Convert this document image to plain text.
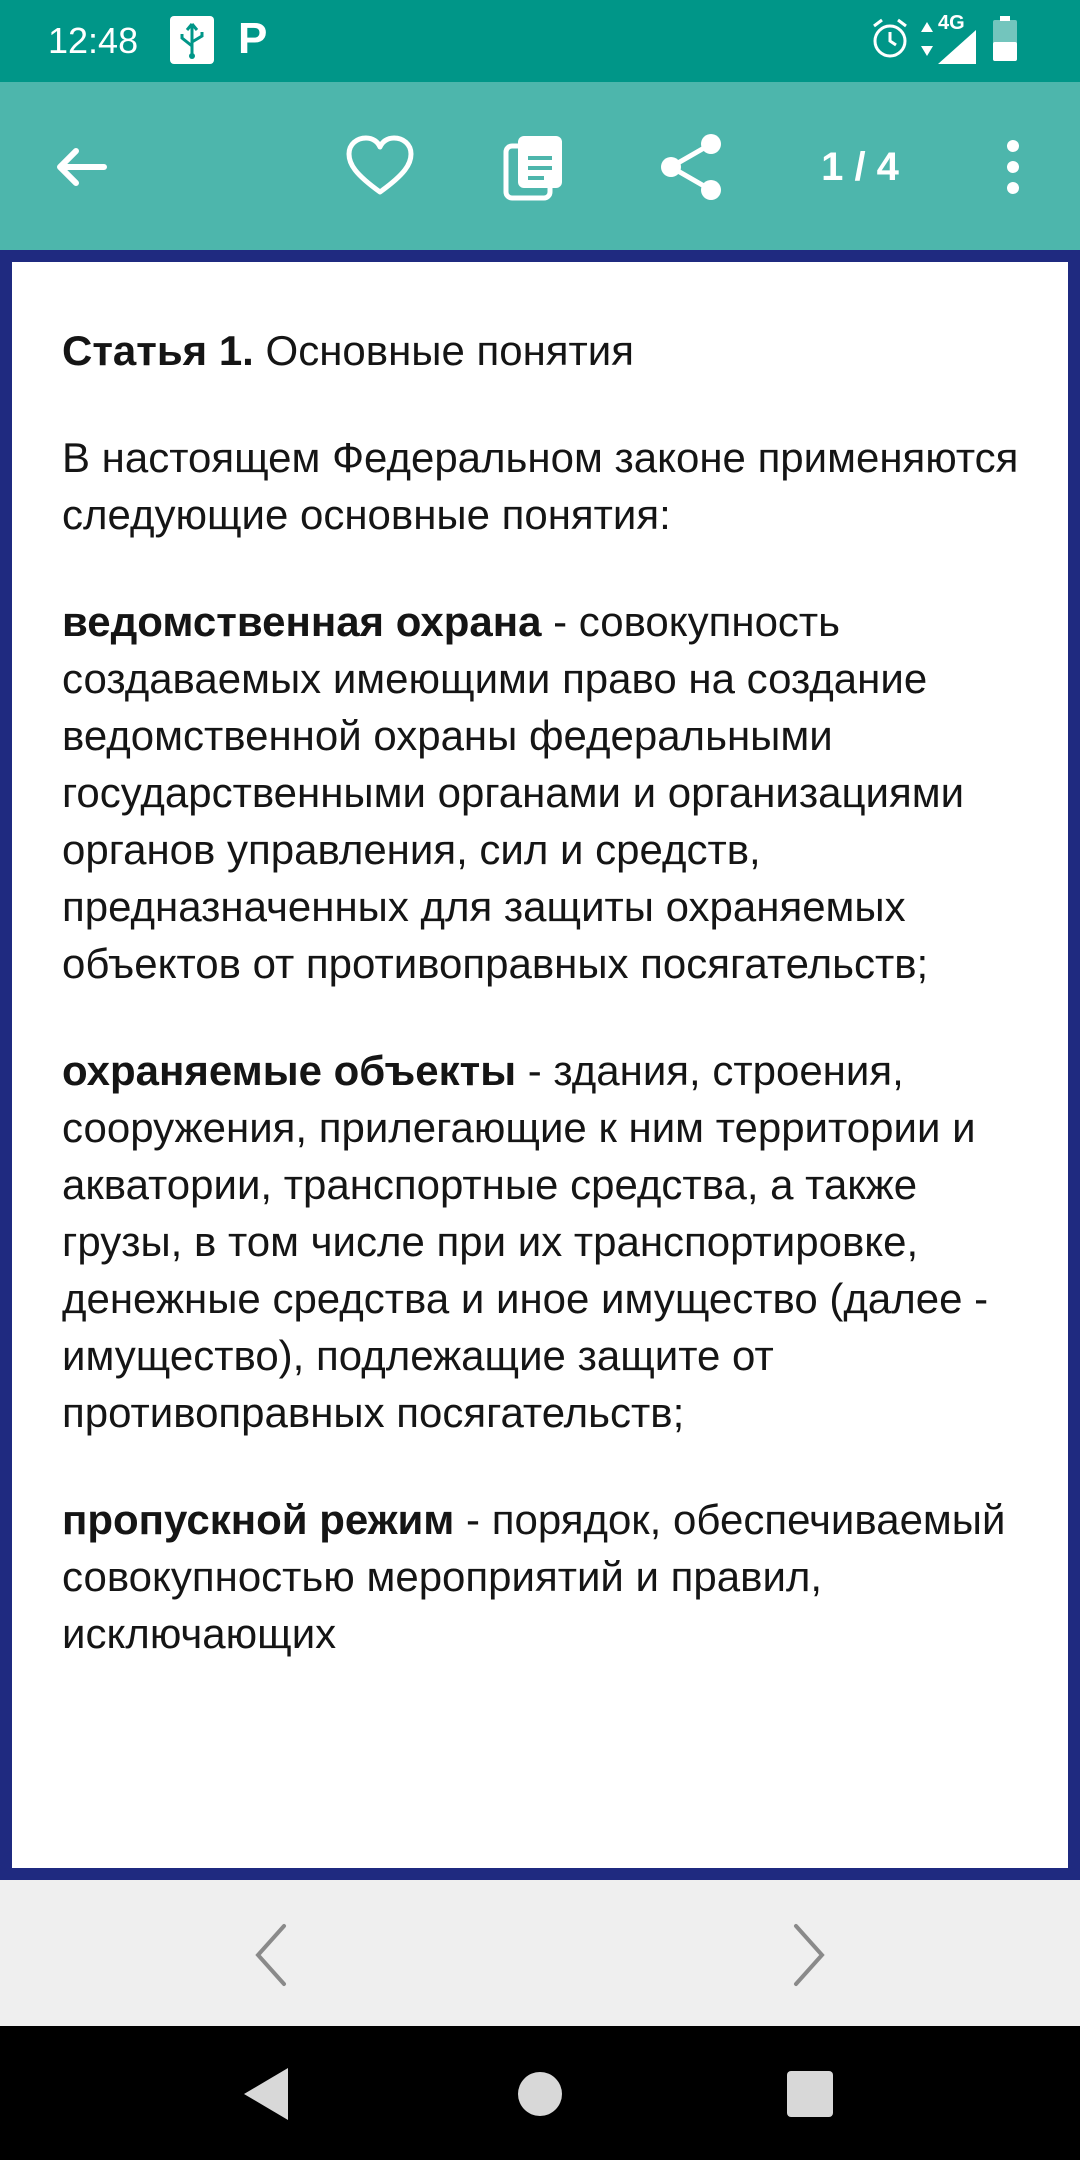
12:48 P	4G
1 / 4
Статья 1. Основные понятия

В настоящем Федеральном законе применяются следующие основные понятия:

ведомственная охрана - совокупность создаваемых имеющими право на создание ведомственной охраны федеральными государственными органами и организациями органов управления, сил и средств, предназначенных для защиты охраняемых объектов от противоправных посягательств;

охраняемые объекты - здания, строения, сооружения, прилегающие к ним территории и акватории, транспортные средства, а также грузы, в том числе при их транспортировке, денежные средства и иное имущество (далее - имущество), подлежащие защите от противоправных посягательств;

пропускной режим - порядок, обеспечиваемый совокупностью мероприятий и правил, исключающих
